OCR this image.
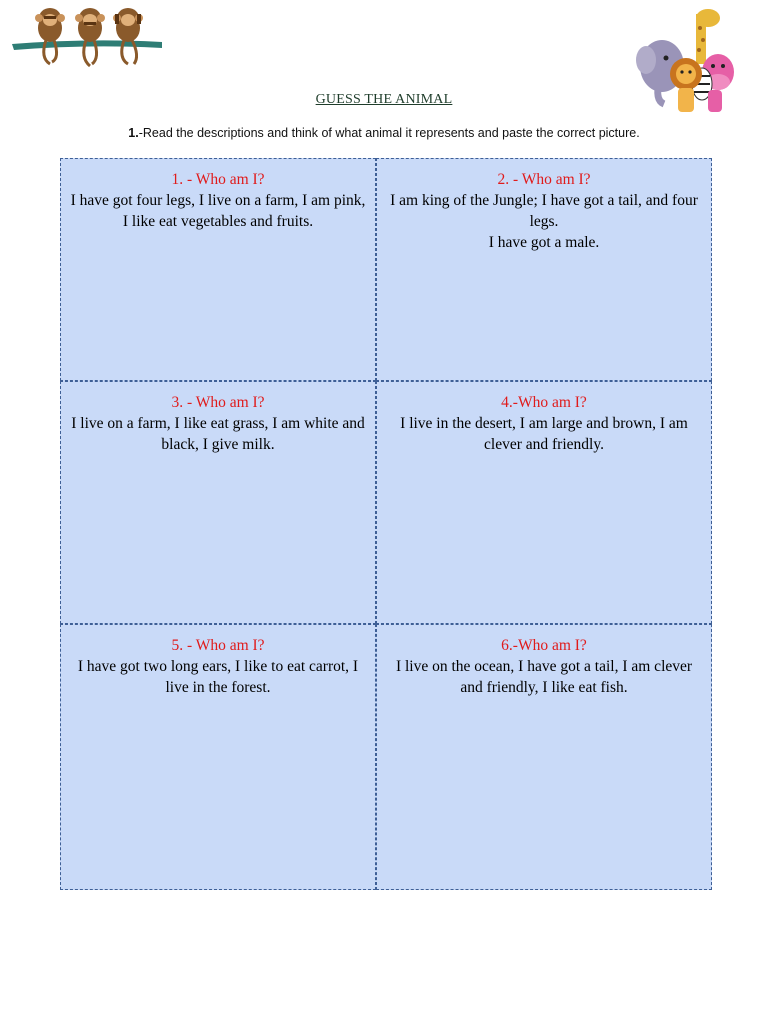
GUESS THE ANIMAL
1.-Read the descriptions and think of what animal it represents and paste the correct picture.
1. - Who am I?
I have got four legs, I live on a farm, I am pink, I like eat vegetables and fruits.
2. - Who am I?
I am king of the Jungle; I have got a tail, and four legs.
I have got a male.
3. - Who am I?
I live on a farm, I like eat grass, I am white and black, I give milk.
4.-Who am I?
I live in the desert, I am large and brown, I am clever and friendly.
5. - Who am I?
I have got two long ears, I like to eat carrot, I live in the forest.
6.-Who am I?
I live on the ocean, I have got a tail, I am clever and friendly, I like eat fish.
